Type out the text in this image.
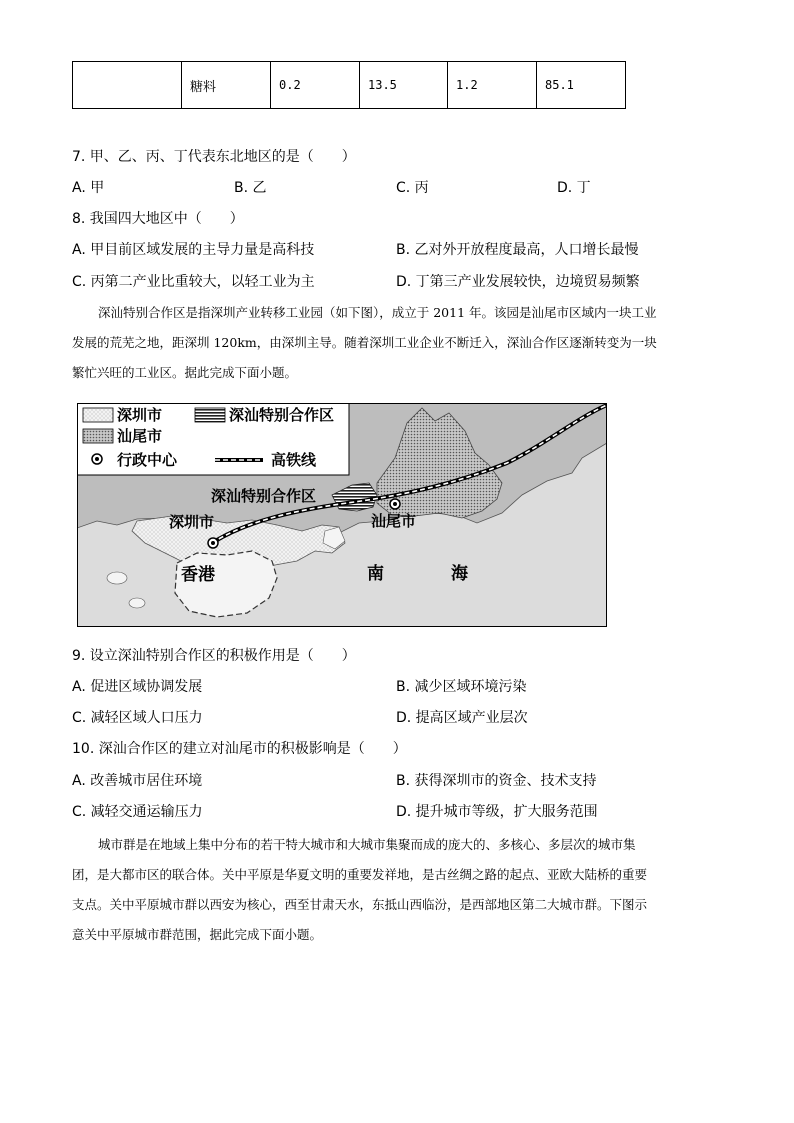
	糖料	0.2	13.5	1.2	85.1
7. 甲、乙、丙、丁代表东北地区的是（　　）
A. 甲	B. 乙	C. 丙	D. 丁
8. 我国四大地区中（　　）
A. 甲目前区域发展的主导力量是高科技	B. 乙对外开放程度最高，人口增长最慢
C. 丙第二产业比重较大，以轻工业为主	D. 丁第三产业发展较快，边境贸易频繁

深汕特别合作区是指深圳产业转移工业园（如下图），成立于 2011 年。该园是汕尾市区域内一块工业

发展的荒芜之地，距深圳 120km，由深圳主导。随着深圳工业企业不断迁入，深汕合作区逐渐转变为一块

繁忙兴旺的工业区。据此完成下面小题。

深圳市	深汕特别合作区
汕尾市
行政中心	高铁线
深汕特别合作区
深圳市	汕尾市
香港	南	海
9. 设立深汕特别合作区的积极作用是（　　）
A. 促进区域协调发展	B. 减少区域环境污染
C. 减轻区域人口压力	D. 提高区域产业层次
10. 深汕合作区的建立对汕尾市的积极影响是（　　）
A. 改善城市居住环境	B. 获得深圳市的资金、技术支持
C. 减轻交通运输压力	D. 提升城市等级，扩大服务范围

城市群是在地域上集中分布的若干特大城市和大城市集聚而成的庞大的、多核心、多层次的城市集

团，是大都市区的联合体。关中平原是华夏文明的重要发祥地，是古丝绸之路的起点、亚欧大陆桥的重要

支点。关中平原城市群以西安为核心，西至甘肃天水，东抵山西临汾，是西部地区第二大城市群。下图示

意关中平原城市群范围，据此完成下面小题。
